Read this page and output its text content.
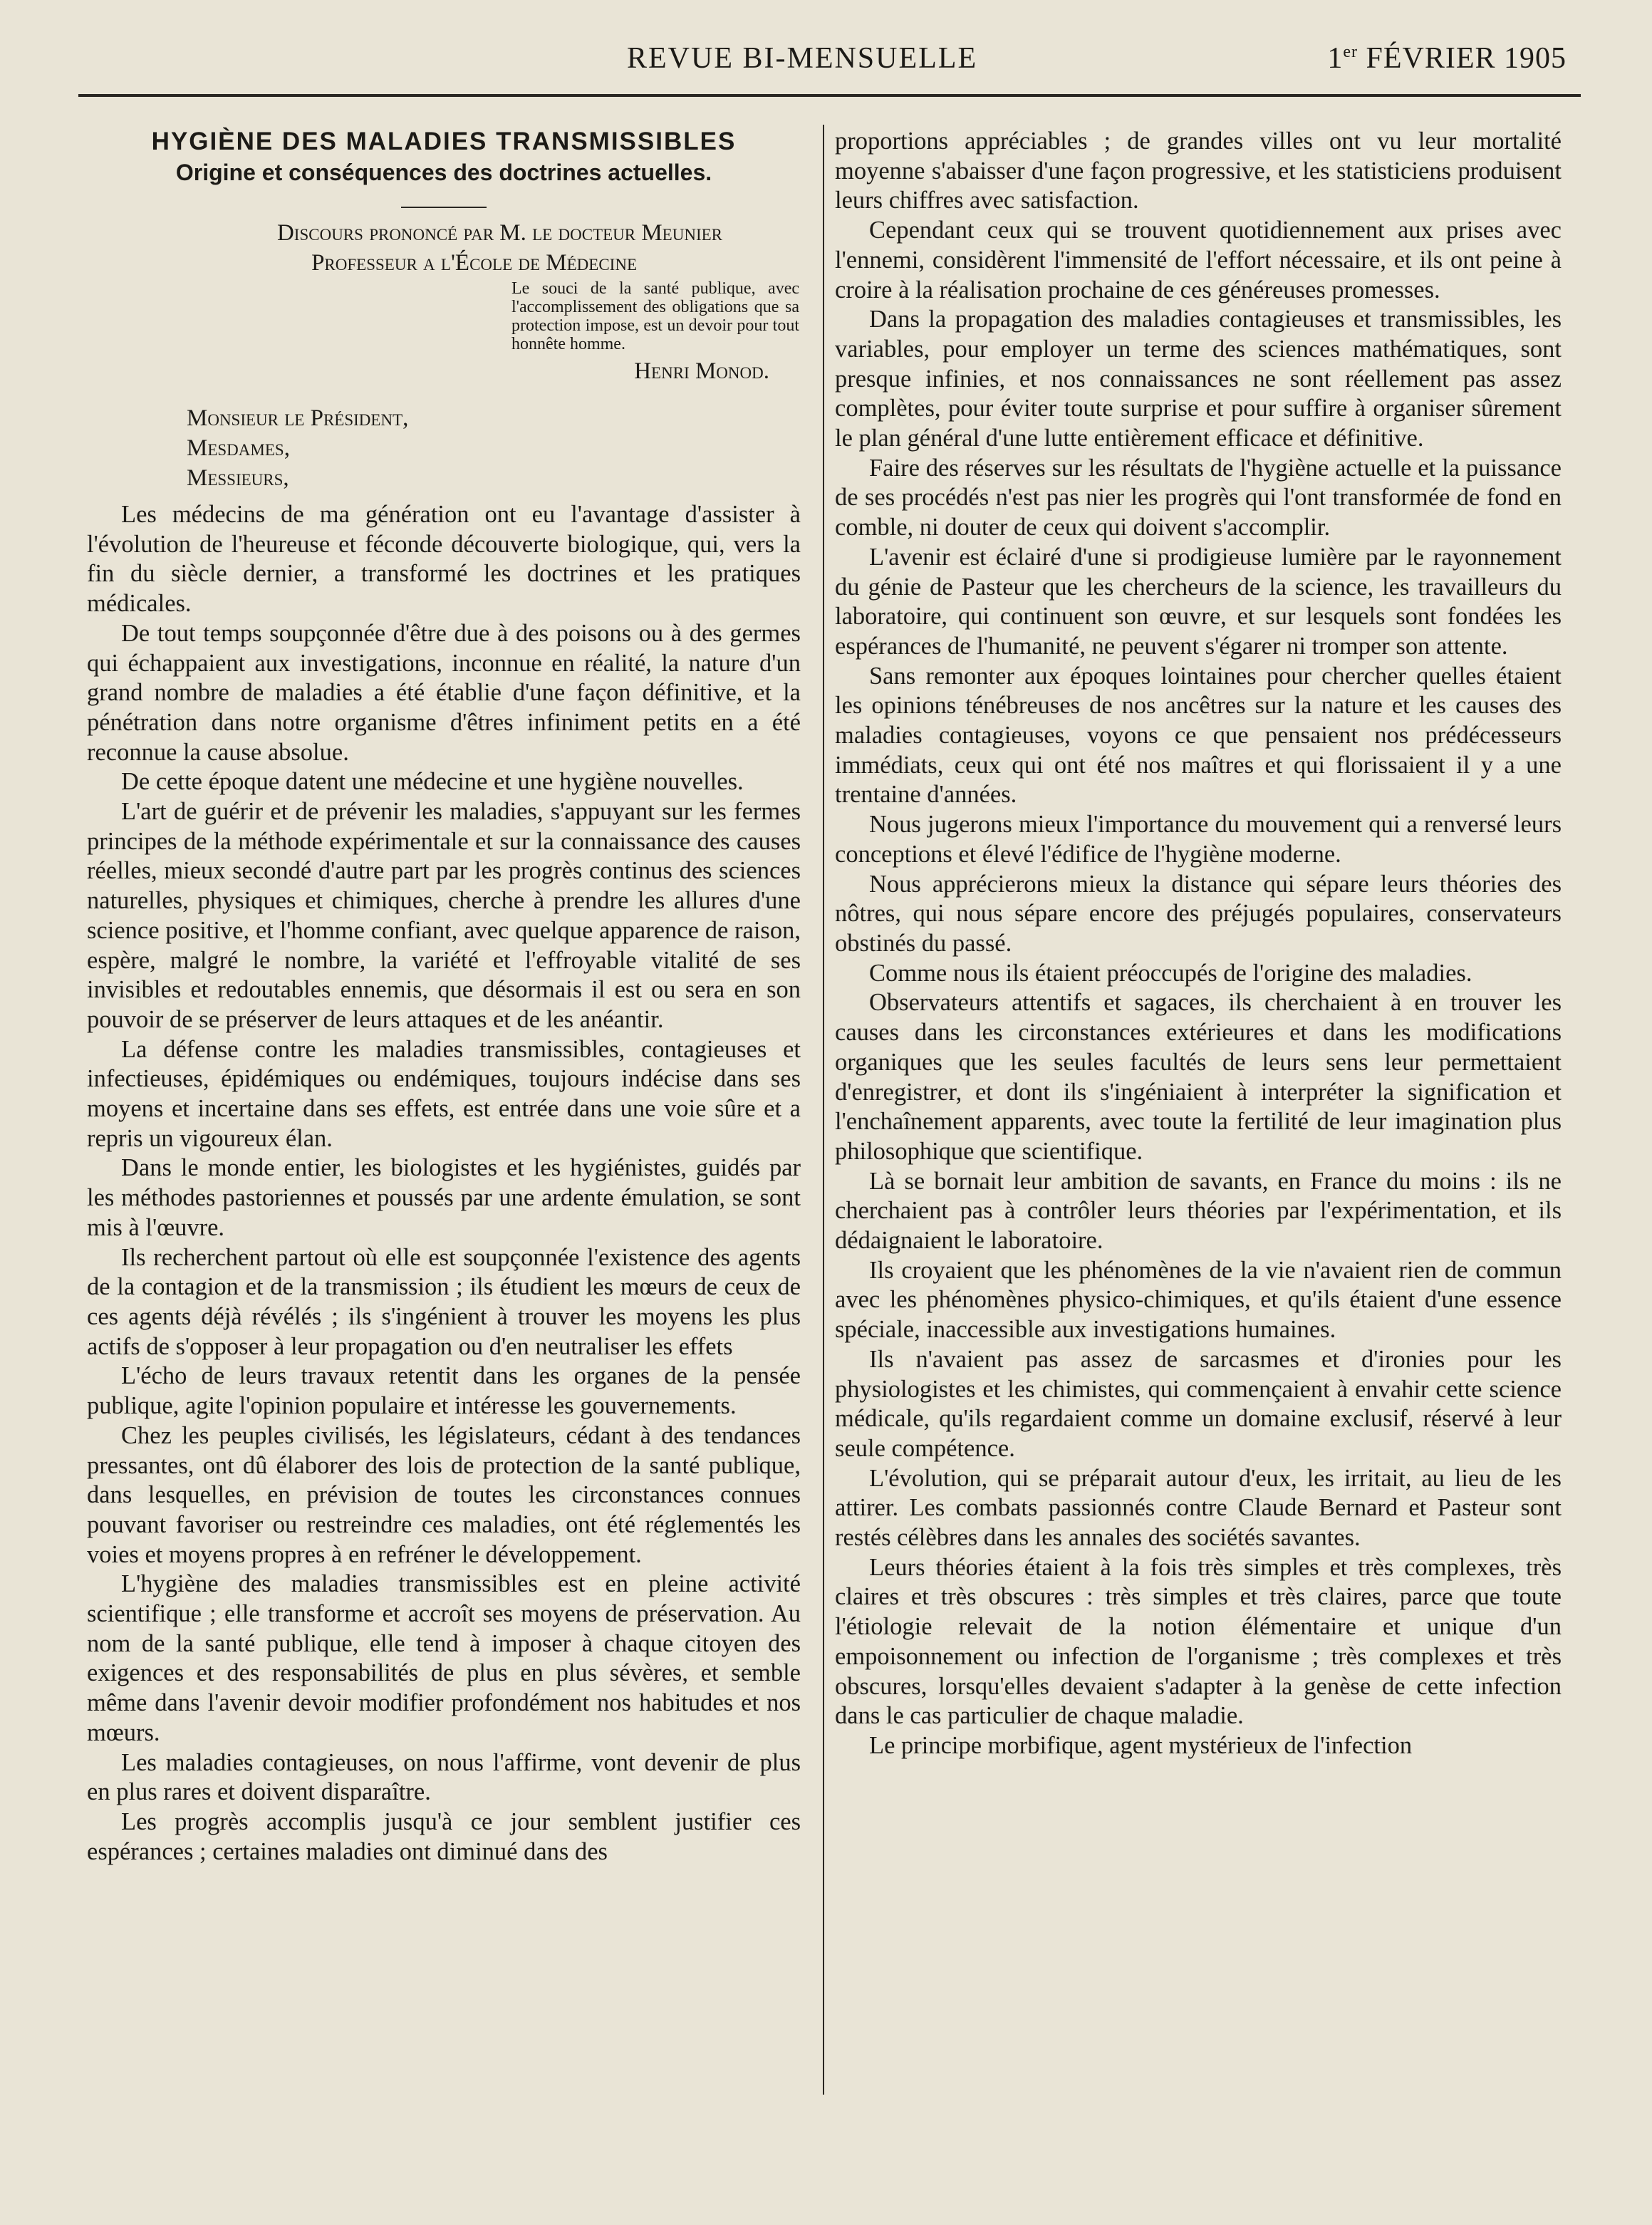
REVUE BI-MENSUELLE	1er FÉVRIER 1905
HYGIÈNE DES MALADIES TRANSMISSIBLES
Origine et conséquences des doctrines actuelles.
Discours prononcé par M. le docteur Meunier
Professeur a l'École de Médecine
Le souci de la santé publique, avec l'accomplissement des obligations que sa protection impose, est un devoir pour tout honnête homme.
Henri Monod.
Monsieur le Président,
Mesdames,
Messieurs,

Les médecins de ma génération ont eu l'avantage d'assister à l'évolution de l'heureuse et féconde découverte biologique, qui, vers la fin du siècle dernier, a transformé les doctrines et les pratiques médicales.

De tout temps soupçonnée d'être due à des poisons ou à des germes qui échappaient aux investigations, inconnue en réalité, la nature d'un grand nombre de maladies a été établie d'une façon définitive, et la pénétration dans notre organisme d'êtres infiniment petits en a été reconnue la cause absolue.

De cette époque datent une médecine et une hygiène nouvelles.

L'art de guérir et de prévenir les maladies, s'appuyant sur les fermes principes de la méthode expérimentale et sur la connaissance des causes réelles, mieux secondé d'autre part par les progrès continus des sciences naturelles, physiques et chimiques, cherche à prendre les allures d'une science positive, et l'homme confiant, avec quelque apparence de raison, espère, malgré le nombre, la variété et l'effroyable vitalité de ses invisibles et redoutables ennemis, que désormais il est ou sera en son pouvoir de se préserver de leurs attaques et de les anéantir.

La défense contre les maladies transmissibles, contagieuses et infectieuses, épidémiques ou endémiques, toujours indécise dans ses moyens et incertaine dans ses effets, est entrée dans une voie sûre et a repris un vigoureux élan.

Dans le monde entier, les biologistes et les hygiénistes, guidés par les méthodes pastoriennes et poussés par une ardente émulation, se sont mis à l'œuvre.

Ils recherchent partout où elle est soupçonnée l'existence des agents de la contagion et de la transmission ; ils étudient les mœurs de ceux de ces agents déjà révélés ; ils s'ingénient à trouver les moyens les plus actifs de s'opposer à leur propagation ou d'en neutraliser les effets

L'écho de leurs travaux retentit dans les organes de la pensée publique, agite l'opinion populaire et intéresse les gouvernements.

Chez les peuples civilisés, les législateurs, cédant à des tendances pressantes, ont dû élaborer des lois de protection de la santé publique, dans lesquelles, en prévision de toutes les circonstances connues pouvant favoriser ou restreindre ces maladies, ont été réglementés les voies et moyens propres à en refréner le développement.

L'hygiène des maladies transmissibles est en pleine activité scientifique ; elle transforme et accroît ses moyens de préservation. Au nom de la santé publique, elle tend à imposer à chaque citoyen des exigences et des responsabilités de plus en plus sévères, et semble même dans l'avenir devoir modifier profondément nos habitudes et nos mœurs.

Les maladies contagieuses, on nous l'affirme, vont devenir de plus en plus rares et doivent disparaître.

Les progrès accomplis jusqu'à ce jour semblent justifier ces espérances ; certaines maladies ont diminué dans des

proportions appréciables ; de grandes villes ont vu leur mortalité moyenne s'abaisser d'une façon progressive, et les statisticiens produisent leurs chiffres avec satisfaction.

Cependant ceux qui se trouvent quotidiennement aux prises avec l'ennemi, considèrent l'immensité de l'effort nécessaire, et ils ont peine à croire à la réalisation prochaine de ces généreuses promesses.

Dans la propagation des maladies contagieuses et transmissibles, les variables, pour employer un terme des sciences mathématiques, sont presque infinies, et nos connaissances ne sont réellement pas assez complètes, pour éviter toute surprise et pour suffire à organiser sûrement le plan général d'une lutte entièrement efficace et définitive.

Faire des réserves sur les résultats de l'hygiène actuelle et la puissance de ses procédés n'est pas nier les progrès qui l'ont transformée de fond en comble, ni douter de ceux qui doivent s'accomplir.

L'avenir est éclairé d'une si prodigieuse lumière par le rayonnement du génie de Pasteur que les chercheurs de la science, les travailleurs du laboratoire, qui continuent son œuvre, et sur lesquels sont fondées les espérances de l'humanité, ne peuvent s'égarer ni tromper son attente.

Sans remonter aux époques lointaines pour chercher quelles étaient les opinions ténébreuses de nos ancêtres sur la nature et les causes des maladies contagieuses, voyons ce que pensaient nos prédécesseurs immédiats, ceux qui ont été nos maîtres et qui florissaient il y a une trentaine d'années.

Nous jugerons mieux l'importance du mouvement qui a renversé leurs conceptions et élevé l'édifice de l'hygiène moderne.

Nous apprécierons mieux la distance qui sépare leurs théories des nôtres, qui nous sépare encore des préjugés populaires, conservateurs obstinés du passé.

Comme nous ils étaient préoccupés de l'origine des maladies.

Observateurs attentifs et sagaces, ils cherchaient à en trouver les causes dans les circonstances extérieures et dans les modifications organiques que les seules facultés de leurs sens leur permettaient d'enregistrer, et dont ils s'ingéniaient à interpréter la signification et l'enchaînement apparents, avec toute la fertilité de leur imagination plus philosophique que scientifique.

Là se bornait leur ambition de savants, en France du moins : ils ne cherchaient pas à contrôler leurs théories par l'expérimentation, et ils dédaignaient le laboratoire.

Ils croyaient que les phénomènes de la vie n'avaient rien de commun avec les phénomènes physico-chimiques, et qu'ils étaient d'une essence spéciale, inaccessible aux investigations humaines.

Ils n'avaient pas assez de sarcasmes et d'ironies pour les physiologistes et les chimistes, qui commençaient à envahir cette science médicale, qu'ils regardaient comme un domaine exclusif, réservé à leur seule compétence.

L'évolution, qui se préparait autour d'eux, les irritait, au lieu de les attirer. Les combats passionnés contre Claude Bernard et Pasteur sont restés célèbres dans les annales des sociétés savantes.

Leurs théories étaient à la fois très simples et très complexes, très claires et très obscures : très simples et très claires, parce que toute l'étiologie relevait de la notion élémentaire et unique d'un empoisonnement ou infection de l'organisme ; très complexes et très obscures, lorsqu'elles devaient s'adapter à la genèse de cette infection dans le cas particulier de chaque maladie.

Le principe morbifique, agent mystérieux de l'infection
